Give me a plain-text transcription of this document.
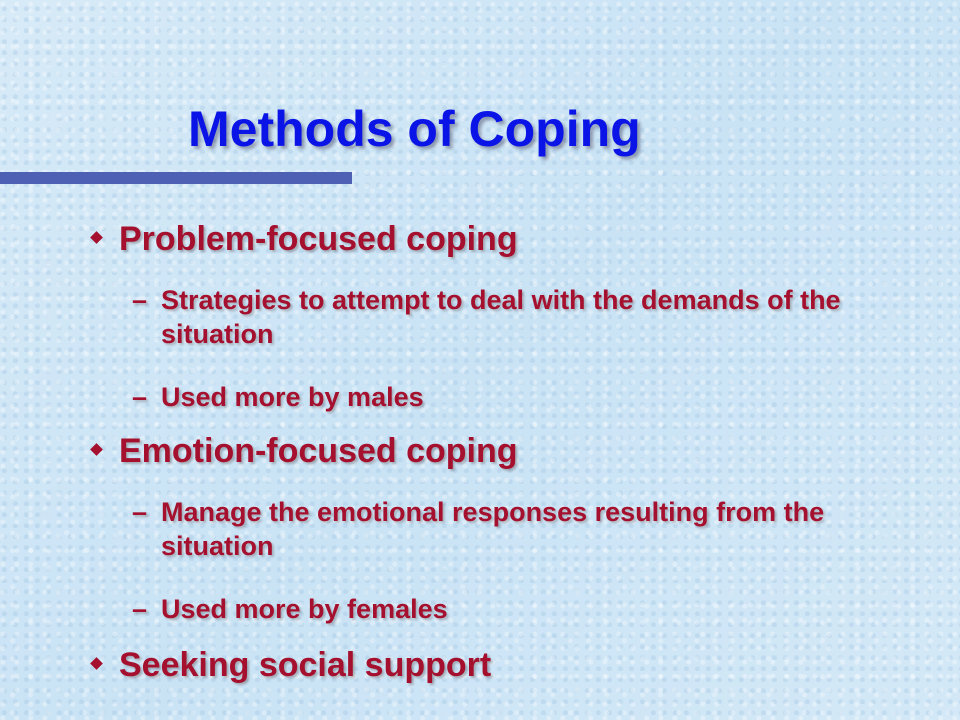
Methods of Coping
Problem-focused coping
– Strategies to attempt to deal with the demands of the situation
– Used more by males
Emotion-focused coping
– Manage the emotional responses resulting from the situation
– Used more by females
Seeking social support
